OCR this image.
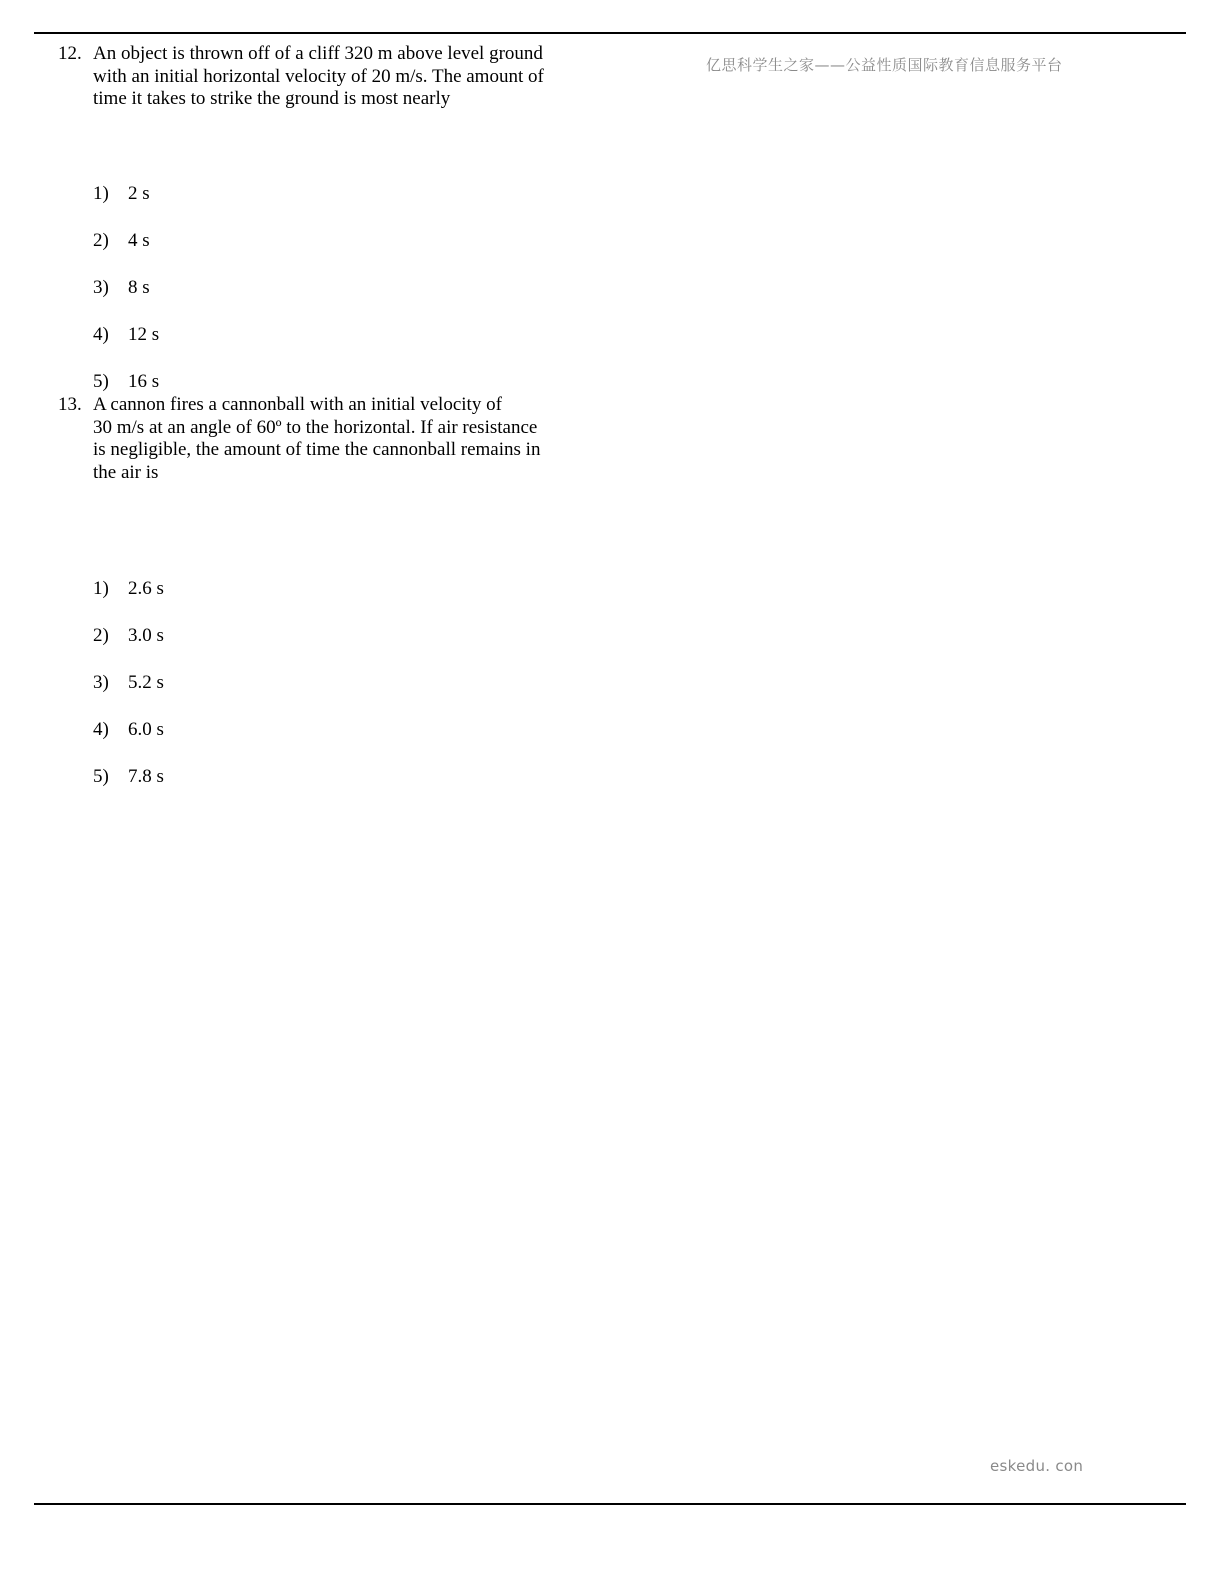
亿思科学生之家——公益性质国际教育信息服务平台
12. An object is thrown off of a cliff 320 m above level ground
with an initial horizontal velocity of 20 m/s. The amount of
time it takes to strike the ground is most nearly
1) 2 s
2) 4 s
3) 8 s
4) 12 s
5) 16 s
13. A cannon fires a cannonball with an initial velocity of
30 m/s at an angle of 60º to the horizontal. If air resistance
is negligible, the amount of time the cannonball remains in
the air is
1) 2.6 s
2) 3.0 s
3) 5.2 s
4) 6.0 s
5) 7.8 s
eskedu. con
